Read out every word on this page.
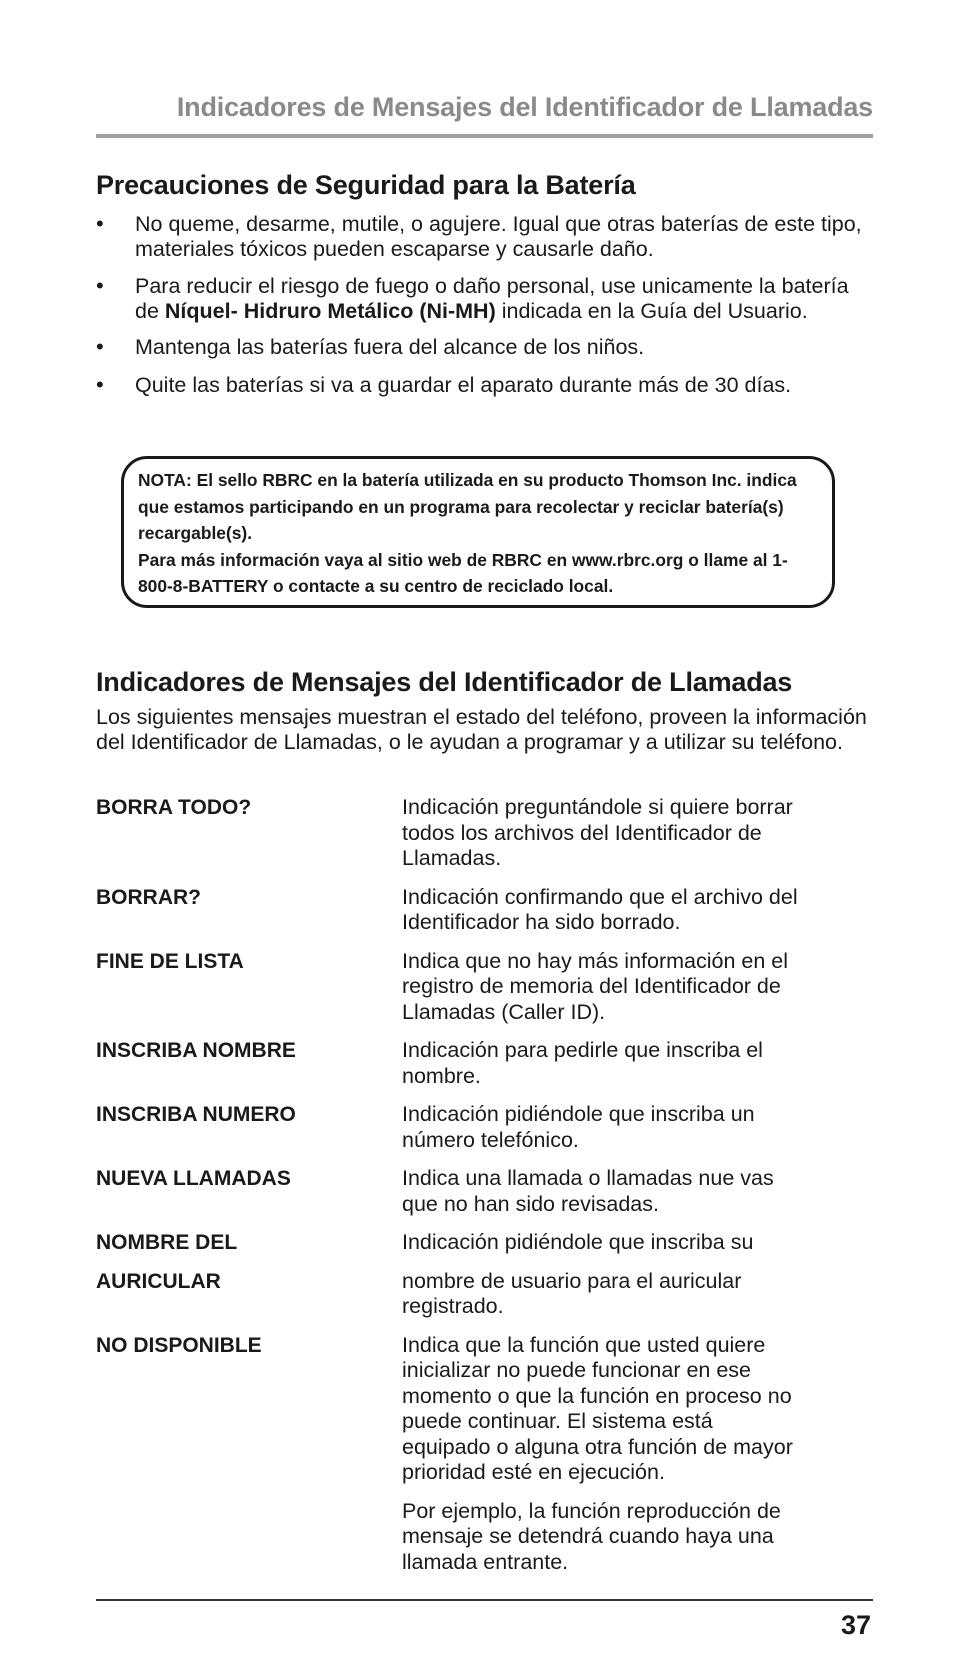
Indicadores de Mensajes del Identificador de Llamadas
Precauciones de Seguridad para la Batería
• No queme, desarme, mutile, o agujere. Igual que otras baterías de este tipo, materiales tóxicos pueden escaparse y causarle daño.
• Para reducir el riesgo de fuego o daño personal, use unicamente la batería de Níquel- Hidruro Metálico (Ni-MH) indicada en la Guía del Usuario.
• Mantenga las baterías fuera del alcance de los niños.
• Quite las baterías si va a guardar el aparato durante más de 30 días.

NOTA: El sello RBRC en la batería utilizada en su producto Thomson Inc. indica que estamos participando en un programa para recolectar y reciclar batería(s) recargable(s).

Para más información vaya al sitio web de RBRC en www.rbrc.org o llame al 1-800-8-BATTERY o contacte a su centro de reciclado local.

Indicadores de Mensajes del Identificador de Llamadas

Los siguientes mensajes muestran el estado del teléfono, proveen la información del Identificador de Llamadas, o le ayudan a programar y a utilizar su teléfono.

BORRA TODO?	Indicación preguntándole si quiere borrar todos los archivos del Identificador de Llamadas.
BORRAR?	Indicación confirmando que el archivo del Identificador ha sido borrado.
FINE DE LISTA	Indica que no hay más información en el registro de memoria del Identificador de Llamadas (Caller ID).
INSCRIBA NOMBRE	Indicación para pedirle que inscriba el nombre.
INSCRIBA NUMERO	Indicación pidiéndole que inscriba un número telefónico.
NUEVA LLAMADAS	Indica una llamada o llamadas nue vas que no han sido revisadas.
NOMBRE DEL	Indicación pidiéndole que inscriba su
AURICULAR	nombre de usuario para el auricular registrado.
NO DISPONIBLE	Indica que la función que usted quiere inicializar no puede funcionar en ese momento o que la función en proceso no puede continuar. El sistema está equipado o alguna otra función de mayor prioridad esté en ejecución.
Por ejemplo, la función reproducción de mensaje se detendrá cuando haya una llamada entrante.
37
